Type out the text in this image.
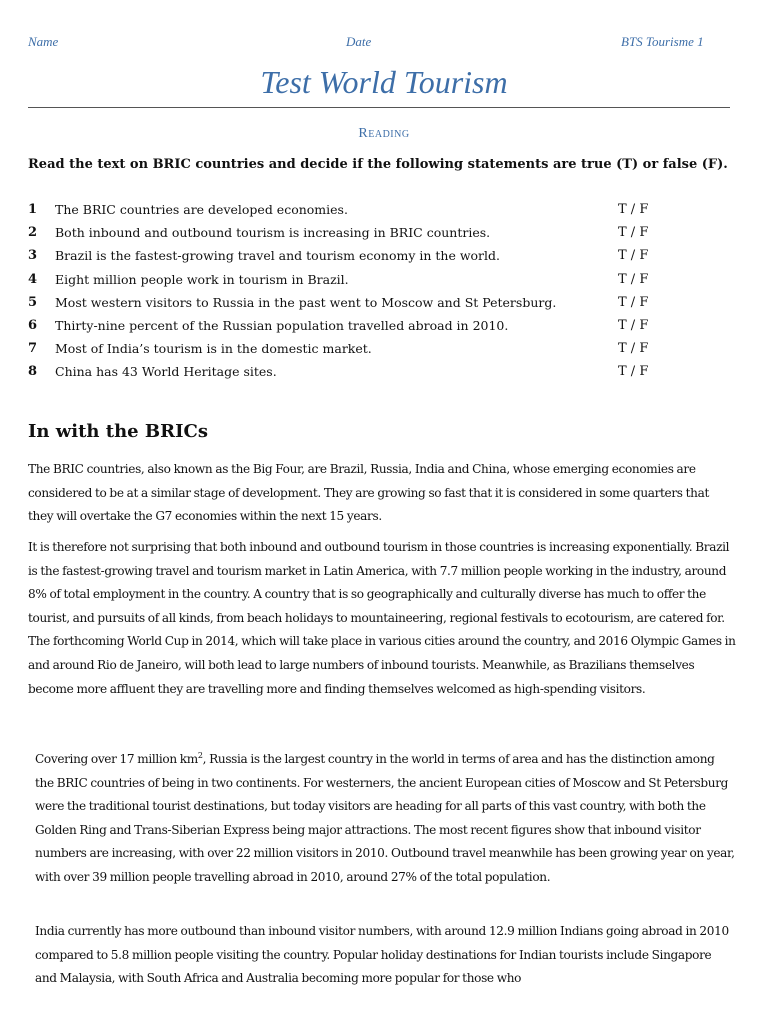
Name	Date	BTS Tourisme 1
Test World Tourism
Reading
Read the text on BRIC countries and decide if the following statements are true (T) or false (F).
1 The BRIC countries are developed economies.	T / F
2 Both inbound and outbound tourism is increasing in BRIC countries.	T / F
3 Brazil is the fastest-growing travel and tourism economy in the world.	T / F
4 Eight million people work in tourism in Brazil.	T / F
5 Most western visitors to Russia in the past went to Moscow and St Petersburg.	T / F
6 Thirty-nine percent of the Russian population travelled abroad in 2010.	T / F
7 Most of India’s tourism is in the domestic market.	T / F
8 China has 43 World Heritage sites.	T / F
In with the BRICs

The BRIC countries, also known as the Big Four, are Brazil, Russia, India and China, whose emerging economies are considered to be at a similar stage of development. They are growing so fast that it is considered in some quarters that they will overtake the G7 economies within the next 15 years.

It is therefore not surprising that both inbound and outbound tourism in those countries is increasing exponentially. Brazil is the fastest-growing travel and tourism market in Latin America, with 7.7 million people working in the industry, around 8% of total employment in the country. A country that is so geographically and culturally diverse has much to offer the tourist, and pursuits of all kinds, from beach holidays to mountaineering, regional festivals to ecotourism, are catered for. The forthcoming World Cup in 2014, which will take place in various cities around the country, and 2016 Olympic Games in and around Rio de Janeiro, will both lead to large numbers of inbound tourists. Meanwhile, as Brazilians themselves become more affluent they are travelling more and finding themselves welcomed as high-spending visitors.

Covering over 17 million $km^2$, Russia is the largest country in the world in terms of area and has the distinction among the BRIC countries of being in two continents. For westerners, the ancient European cities of Moscow and St Petersburg were the traditional tourist destinations, but today visitors are heading for all parts of this vast country, with both the Golden Ring and Trans-Siberian Express being major attractions. The most recent figures show that inbound visitor numbers are increasing, with over 22 million visitors in 2010. Outbound travel meanwhile has been growing year on year, with over 39 million people travelling abroad in 2010, around 27% of the total population.

India currently has more outbound than inbound visitor numbers, with around 12.9 million Indians going abroad in 2010 compared to 5.8 million people visiting the country. Popular holiday destinations for Indian tourists include Singapore and Malaysia, with South Africa and Australia becoming more popular for those who
